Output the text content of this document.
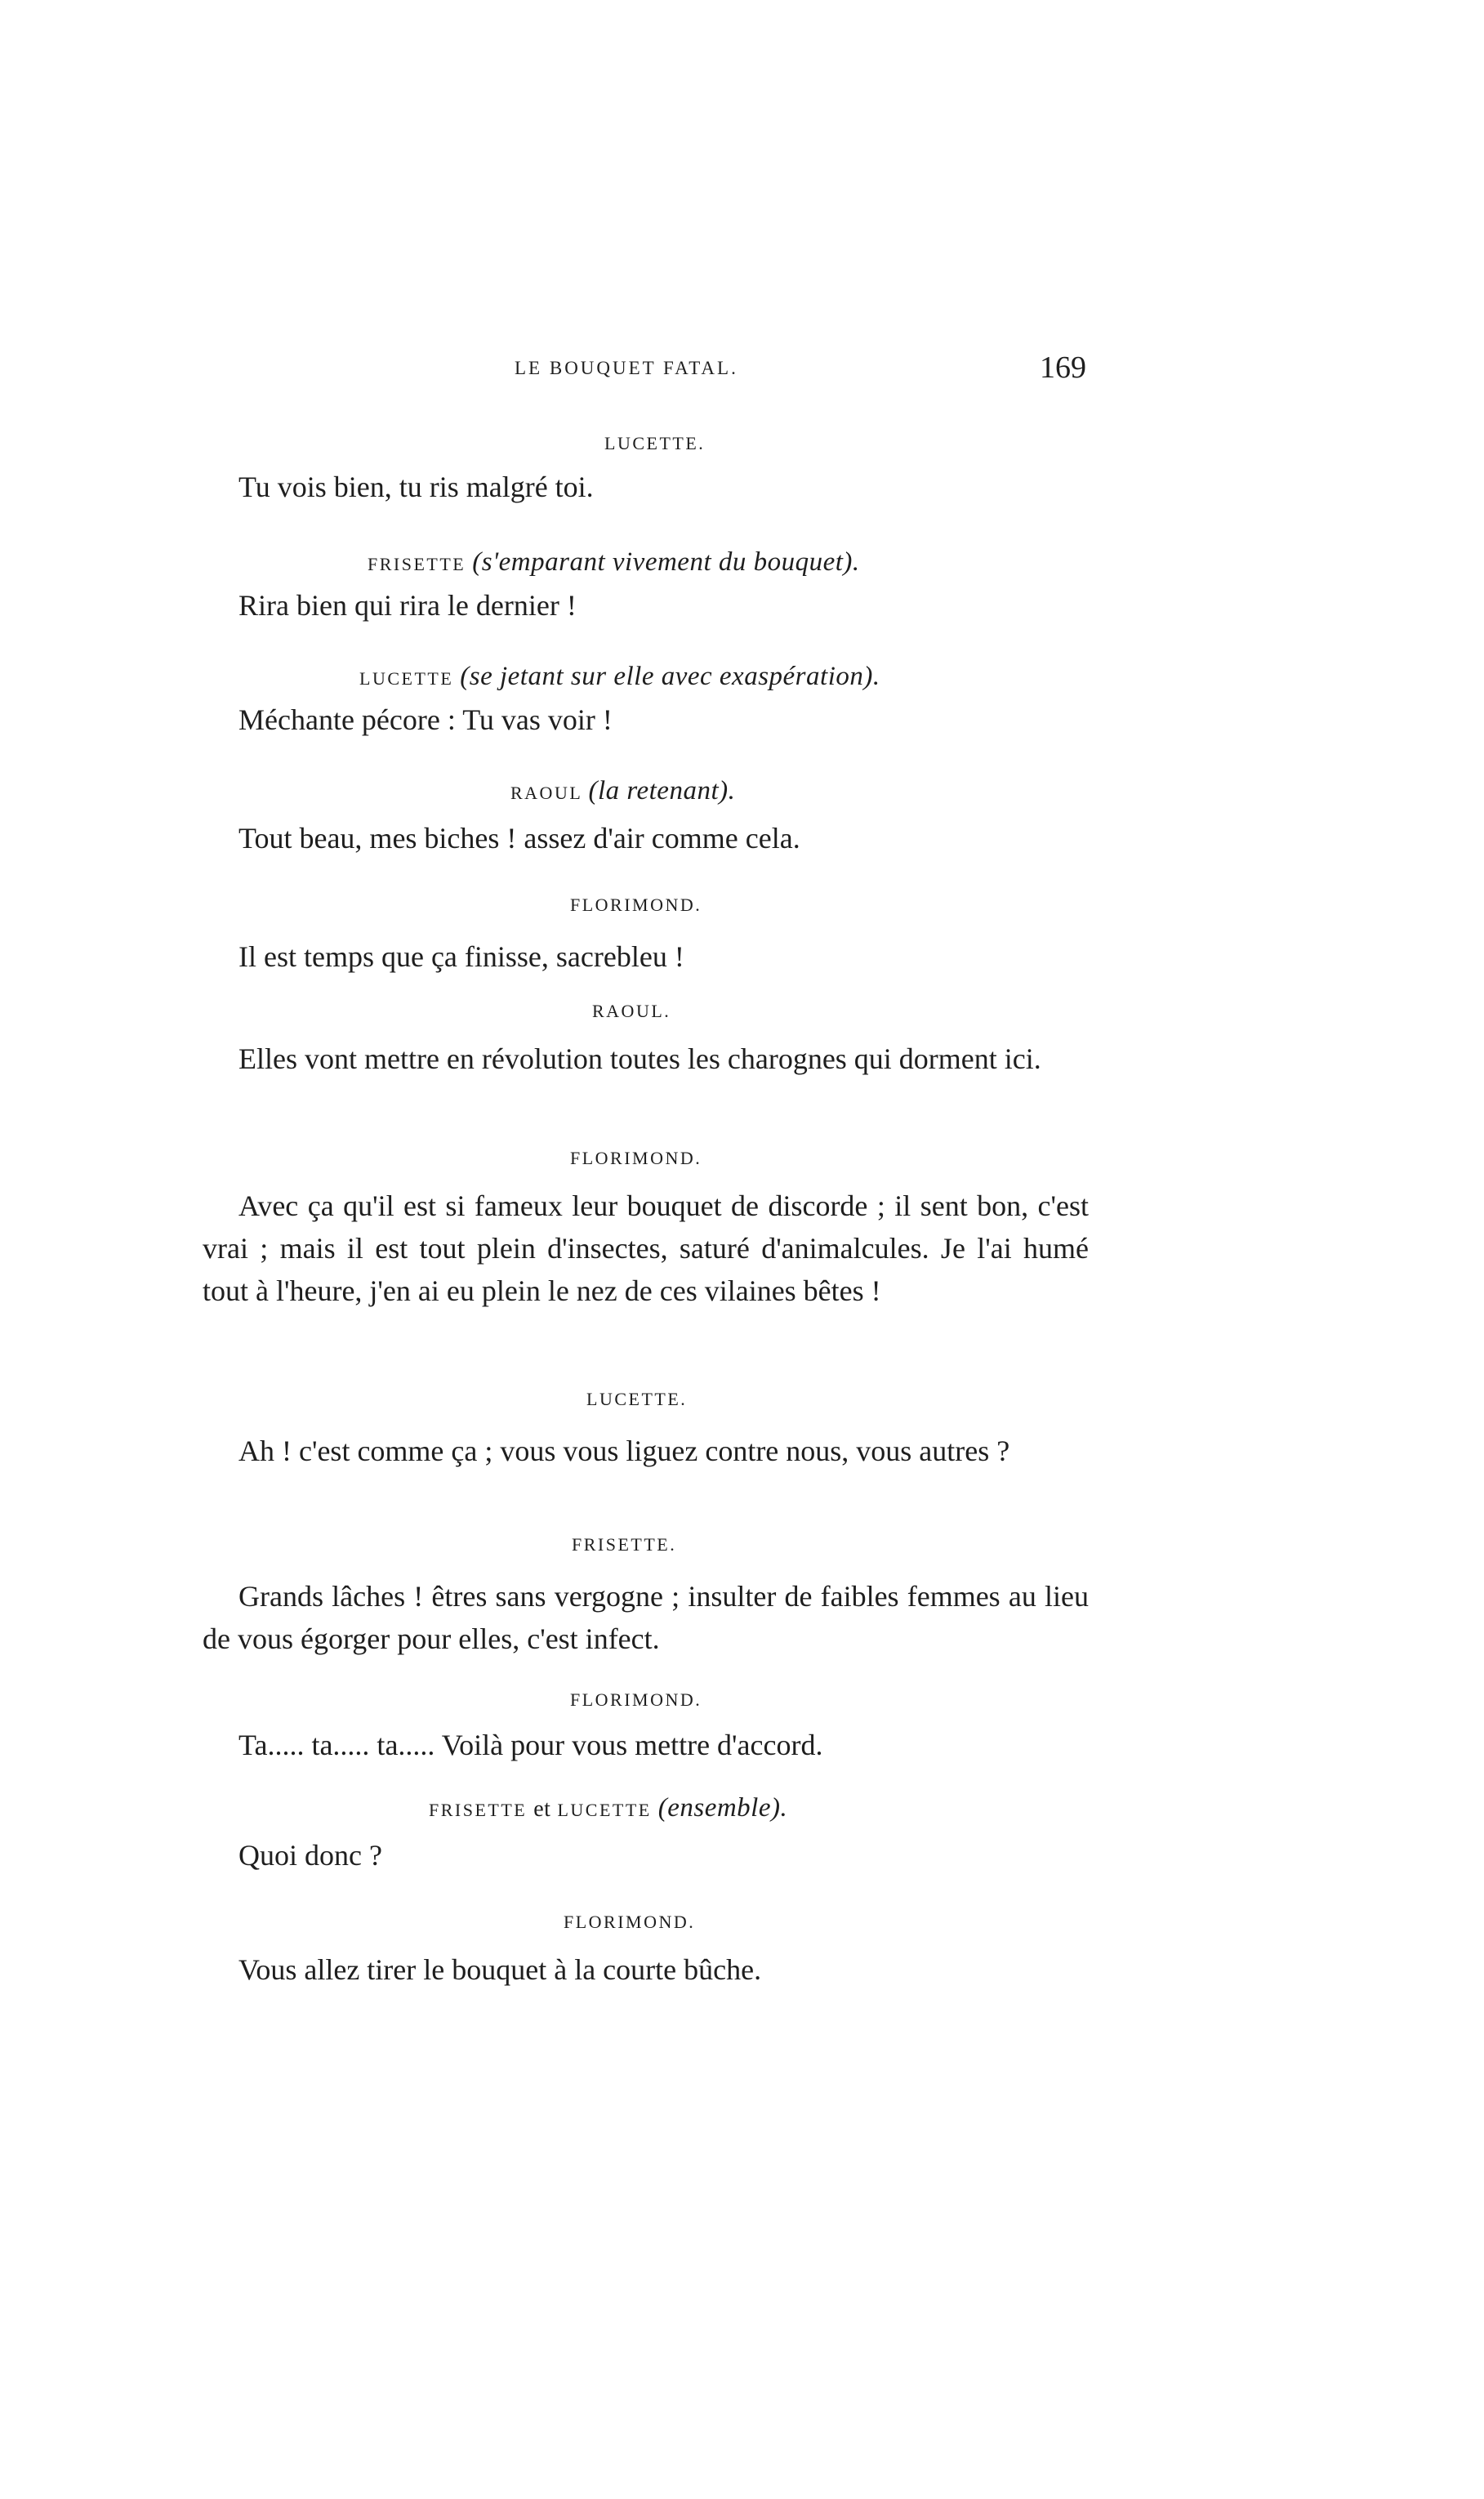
LE BOUQUET FATAL.	169
LUCETTE.
Tu vois bien, tu ris malgré toi.
FRISETTE (s'emparant vivement du bouquet).
Rira bien qui rira le dernier !
LUCETTE (se jetant sur elle avec exaspération).
Méchante pécore : Tu vas voir !
RAOUL (la retenant).
Tout beau, mes biches ! assez d'air comme cela.
FLORIMOND.
Il est temps que ça finisse, sacrebleu !
RAOUL.
Elles vont mettre en révolution toutes les charognes qui dorment ici.
FLORIMOND.
Avec ça qu'il est si fameux leur bouquet de discorde ; il sent bon, c'est vrai ; mais il est tout plein d'insectes, saturé d'animalcules. Je l'ai humé tout à l'heure, j'en ai eu plein le nez de ces vilaines bêtes !
LUCETTE.
Ah ! c'est comme ça ; vous vous liguez contre nous, vous autres ?
FRISETTE.
Grands lâches ! êtres sans vergogne ; insulter de faibles femmes au lieu de vous égorger pour elles, c'est infect.
FLORIMOND.
Ta..... ta..... ta..... Voilà pour vous mettre d'accord.
FRISETTE et LUCETTE (ensemble).
Quoi donc ?
FLORIMOND.
Vous allez tirer le bouquet à la courte bûche.
